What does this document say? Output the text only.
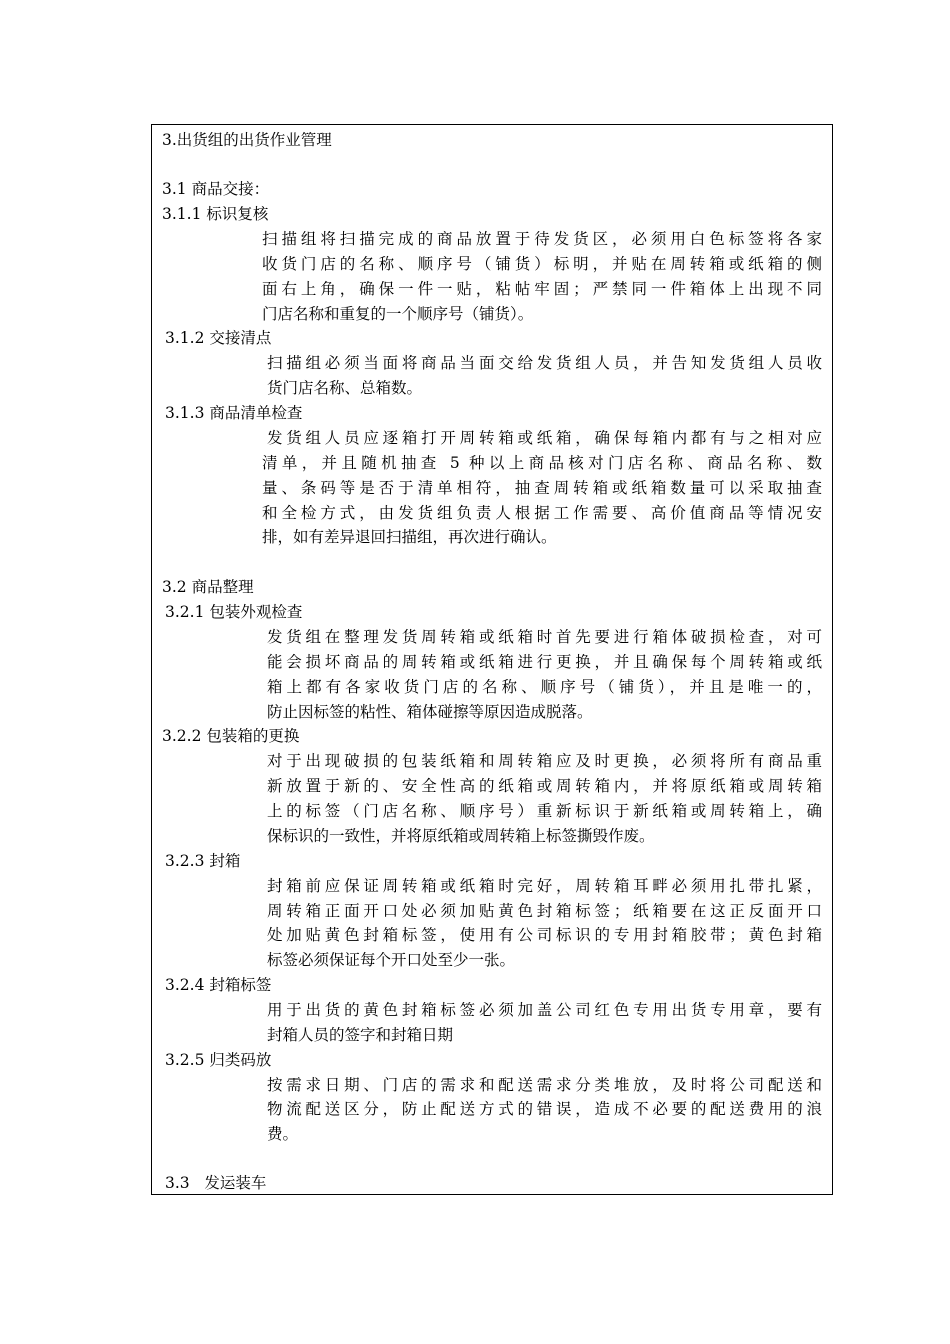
3.出货组的出货作业管理
3.1 商品交接：
3.1.1 标识复核
扫描组将扫描完成的商品放置于待发货区，必须用白色标签将各家
收货门店的名称、顺序号（铺货）标明，并贴在周转箱或纸箱的侧
面右上角，确保一件一贴，粘帖牢固；严禁同一件箱体上出现不同
门店名称和重复的一个顺序号（铺货）。
3.1.2 交接清点
扫描组必须当面将商品当面交给发货组人员，并告知发货组人员收
货门店名称、总箱数。
3.1.3 商品清单检查
发货组人员应逐箱打开周转箱或纸箱，确保每箱内都有与之相对应
清单，并且随机抽查 5 种以上商品核对门店名称、商品名称、数
量、条码等是否于清单相符，抽查周转箱或纸箱数量可以采取抽查
和全检方式，由发货组负责人根据工作需要、高价值商品等情况安
排，如有差异退回扫描组，再次进行确认。
3.2 商品整理
3.2.1 包装外观检查
发货组在整理发货周转箱或纸箱时首先要进行箱体破损检查，对可
能会损坏商品的周转箱或纸箱进行更换，并且确保每个周转箱或纸
箱上都有各家收货门店的名称、顺序号（铺货），并且是唯一的，
防止因标签的粘性、箱体碰擦等原因造成脱落。
3.2.2 包装箱的更换
对于出现破损的包装纸箱和周转箱应及时更换，必须将所有商品重
新放置于新的、安全性高的纸箱或周转箱内，并将原纸箱或周转箱
上的标签（门店名称、顺序号）重新标识于新纸箱或周转箱上，确
保标识的一致性，并将原纸箱或周转箱上标签撕毁作废。
3.2.3 封箱
封箱前应保证周转箱或纸箱时完好，周转箱耳畔必须用扎带扎紧，
周转箱正面开口处必须加贴黄色封箱标签；纸箱要在这正反面开口
处加贴黄色封箱标签，使用有公司标识的专用封箱胶带；黄色封箱
标签必须保证每个开口处至少一张。
3.2.4 封箱标签
用于出货的黄色封箱标签必须加盖公司红色专用出货专用章，要有
封箱人员的签字和封箱日期
3.2.5 归类码放
按需求日期、门店的需求和配送需求分类堆放，及时将公司配送和
物流配送区分，防止配送方式的错误，造成不必要的配送费用的浪
费。
3.3   发运装车
